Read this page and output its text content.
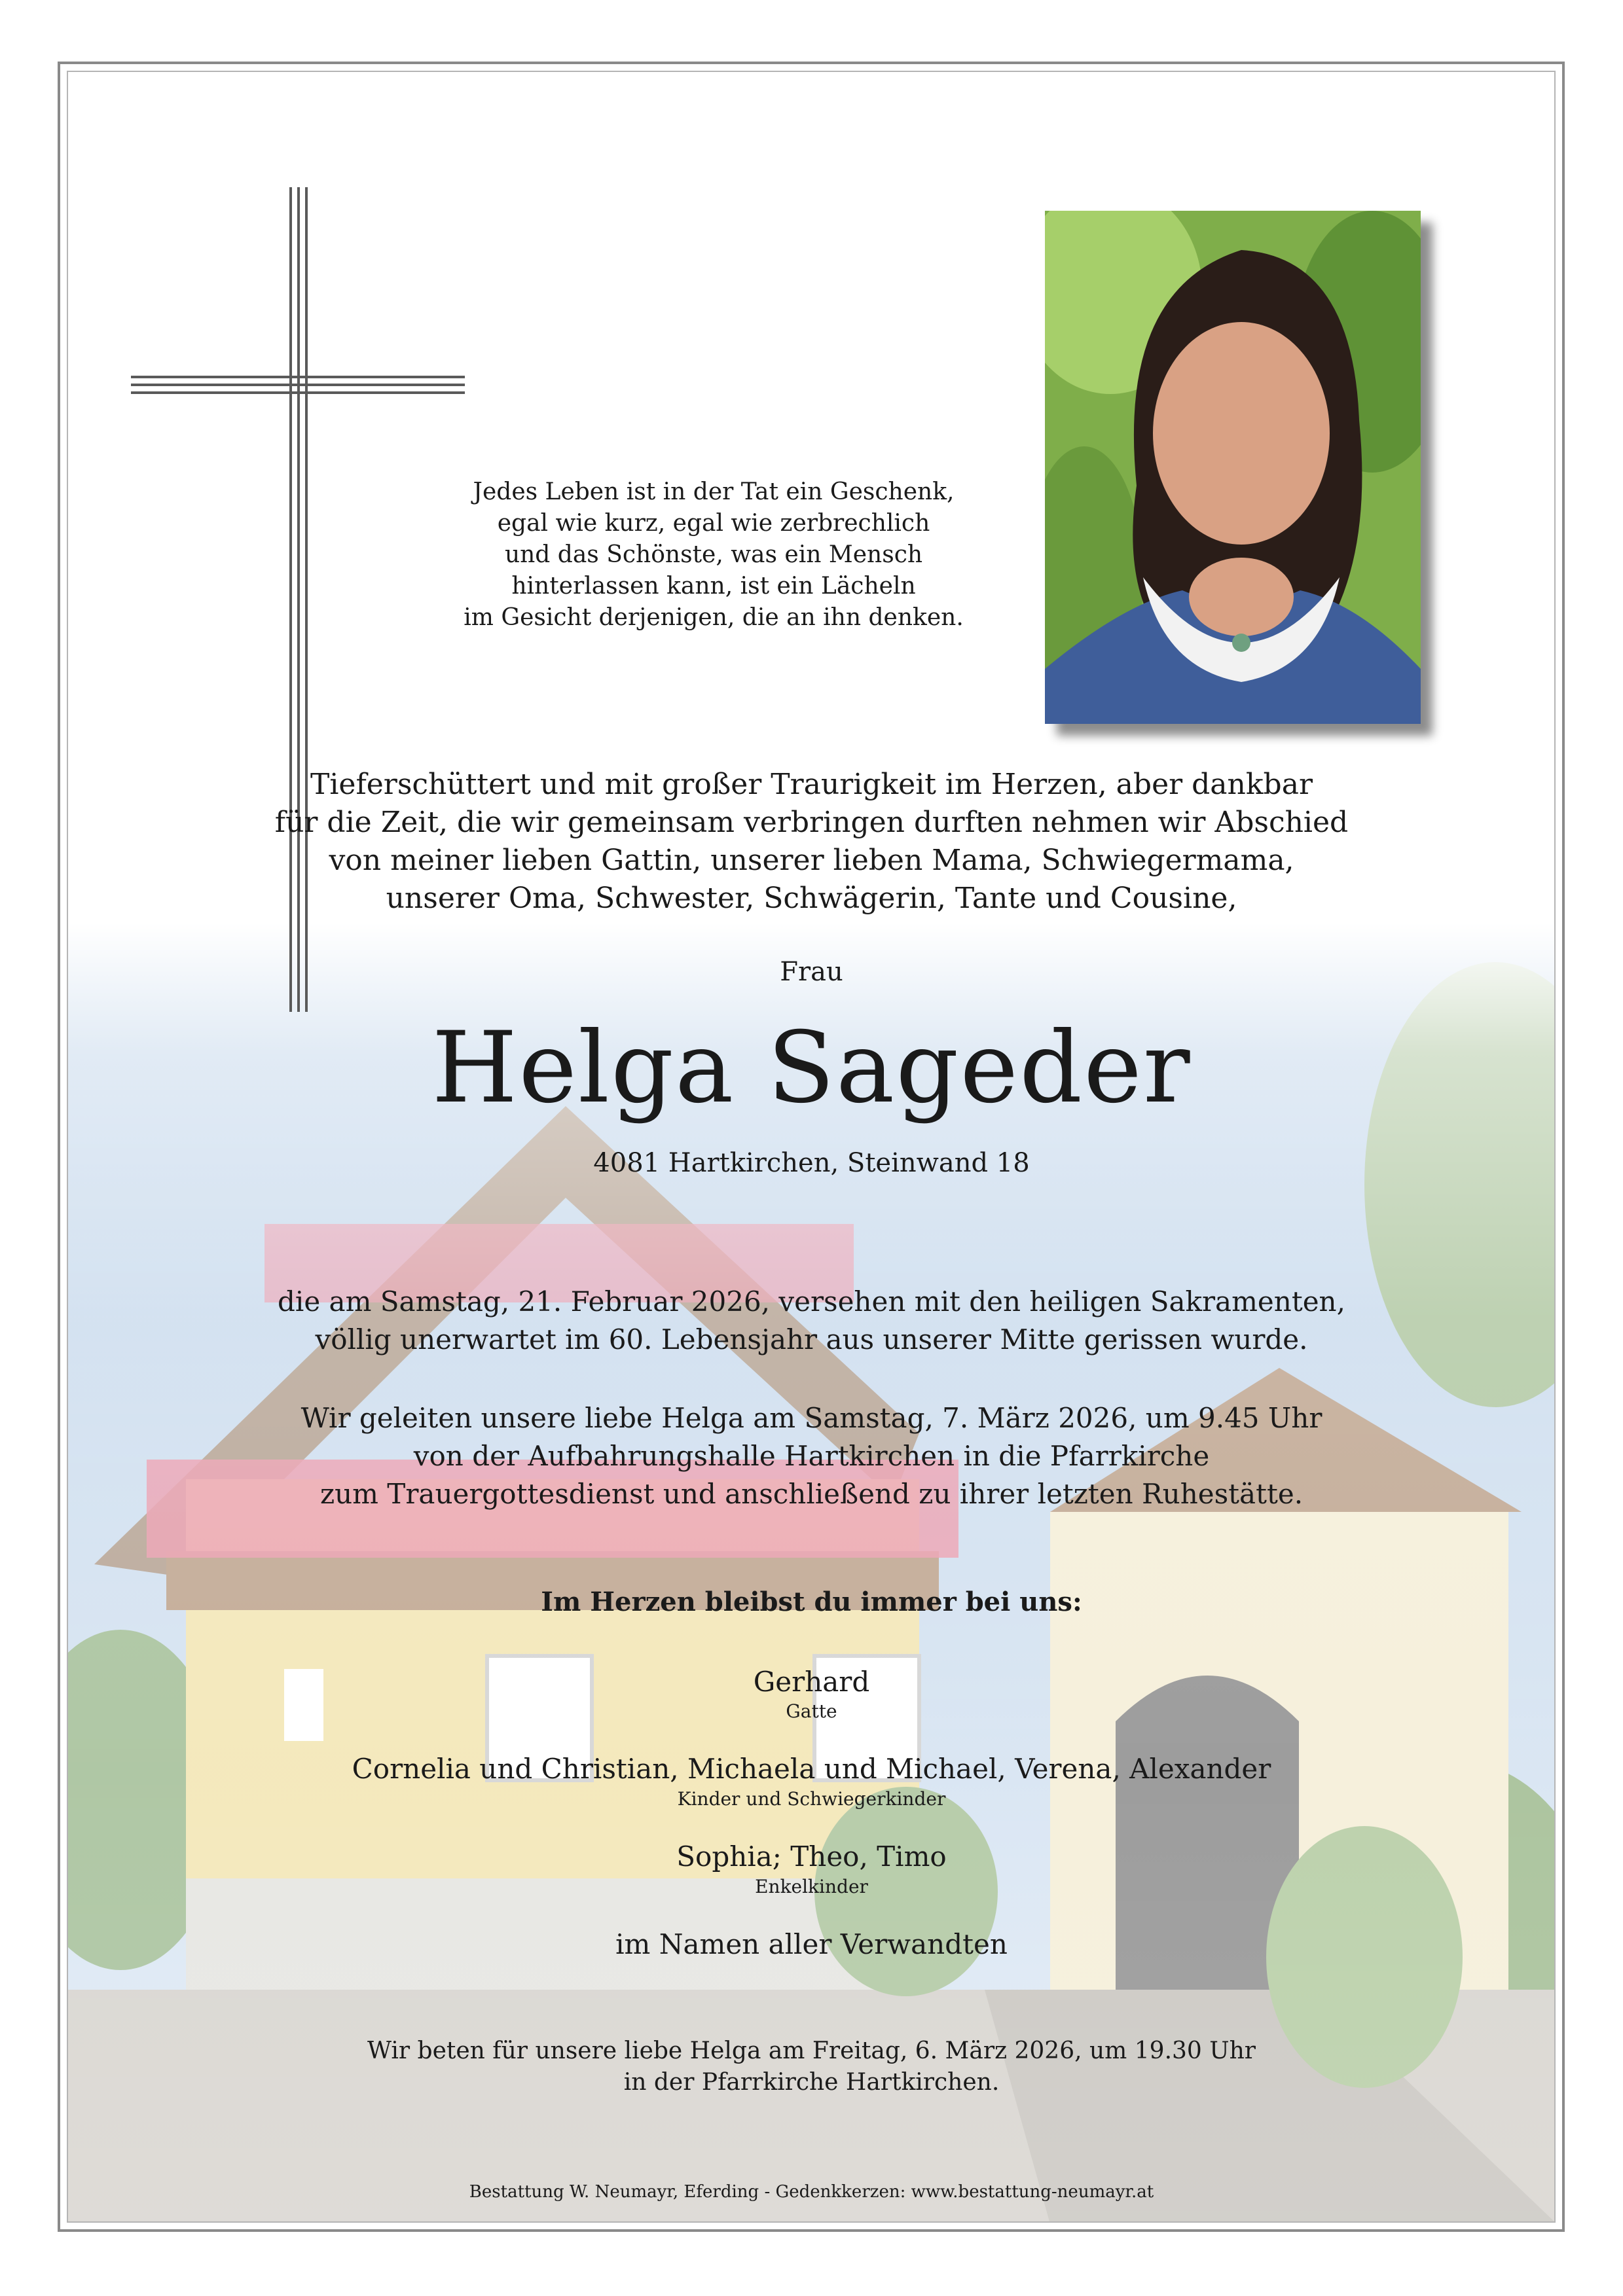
Jedes Leben ist in der Tat ein Geschenk,
egal wie kurz, egal wie zerbrechlich
und das Schönste, was ein Mensch
hinterlassen kann, ist ein Lächeln
im Gesicht derjenigen, die an ihn denken.
Tieferschüttert und mit großer Traurigkeit im Herzen, aber dankbar
für die Zeit, die wir gemeinsam verbringen durften nehmen wir Abschied
von meiner lieben Gattin, unserer lieben Mama, Schwiegermama,
unserer Oma, Schwester, Schwägerin, Tante und Cousine,
Frau
Helga Sageder
4081 Hartkirchen, Steinwand 18
die am Samstag, 21. Februar 2026, versehen mit den heiligen Sakramenten,
völlig unerwartet im 60. Lebensjahr aus unserer Mitte gerissen wurde.
Wir geleiten unsere liebe Helga am Samstag, 7. März 2026, um 9.45 Uhr
von der Aufbahrungshalle Hartkirchen in die Pfarrkirche
zum Trauergottesdienst und anschließend zu ihrer letzten Ruhestätte.
Im Herzen bleibst du immer bei uns:
Gerhard
Gatte
Cornelia und Christian, Michaela und Michael, Verena, Alexander
Kinder und Schwiegerkinder
Sophia; Theo, Timo
Enkelkinder
im Namen aller Verwandten
Wir beten für unsere liebe Helga am Freitag, 6. März 2026, um 19.30 Uhr
in der Pfarrkirche Hartkirchen.
Bestattung W. Neumayr, Eferding - Gedenkkerzen: www.bestattung-neumayr.at
